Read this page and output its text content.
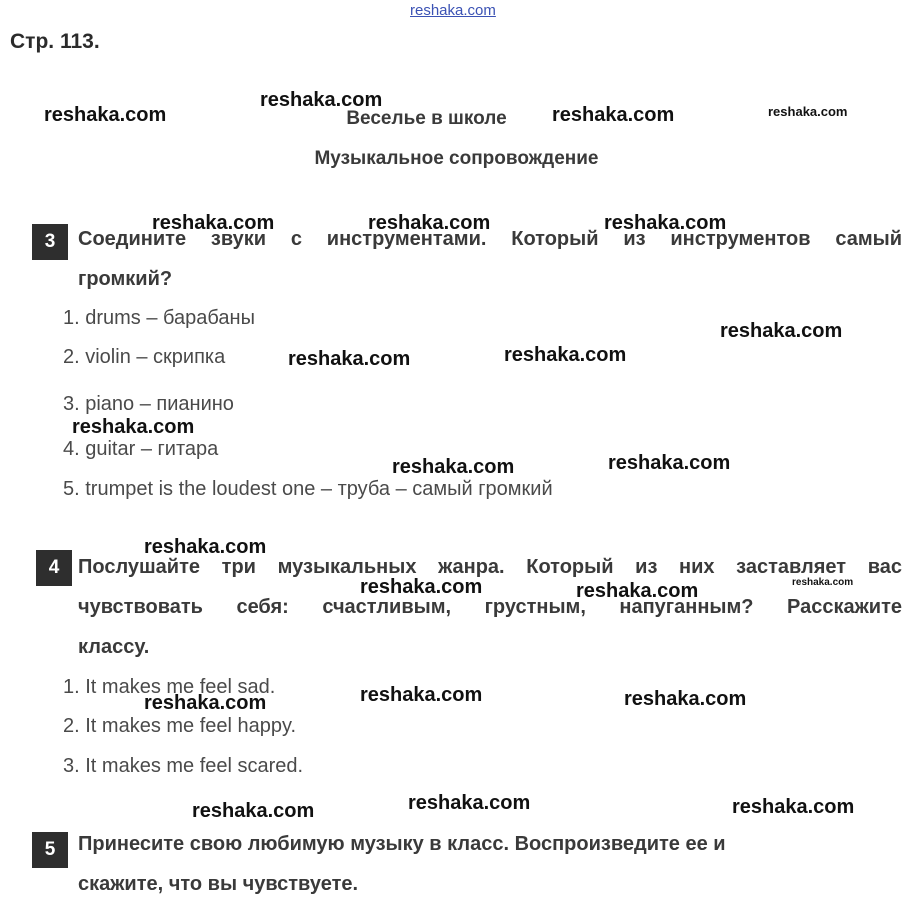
reshaka.com
Стр. 113.
Веселье в школе
Музыкальное сопровождение
3	Соедините звуки с инструментами. Который из инструментов самый
громкий?
1. drums – барабаны
2. violin – скрипка
3. piano – пианино
4. guitar – гитара
5. trumpet is the loudest one – труба – самый громкий
4 Послушайте три музыкальных жанра. Который из них заставляет вас
чувствовать себя: счастливым, грустным, напуганным? Расскажите
классу.
1. It makes me feel sad.
2. It makes me feel happy.
3. It makes me feel scared.
5	Принесите свою любимую музыку в класс. Воспроизведите ее и
скажите, что вы чувствуете.
reshaka.com
reshaka.com
reshaka.com	reshaka.com
reshaka.com	reshaka.com	reshaka.com
reshaka.com
reshaka.com	reshaka.com
reshaka.com
reshaka.com	reshaka.com
reshaka.com
reshaka.com	reshaka.com	reshaka.com
reshaka.com	reshaka.com	reshaka.com
reshaka.com	reshaka.com	reshaka.com
